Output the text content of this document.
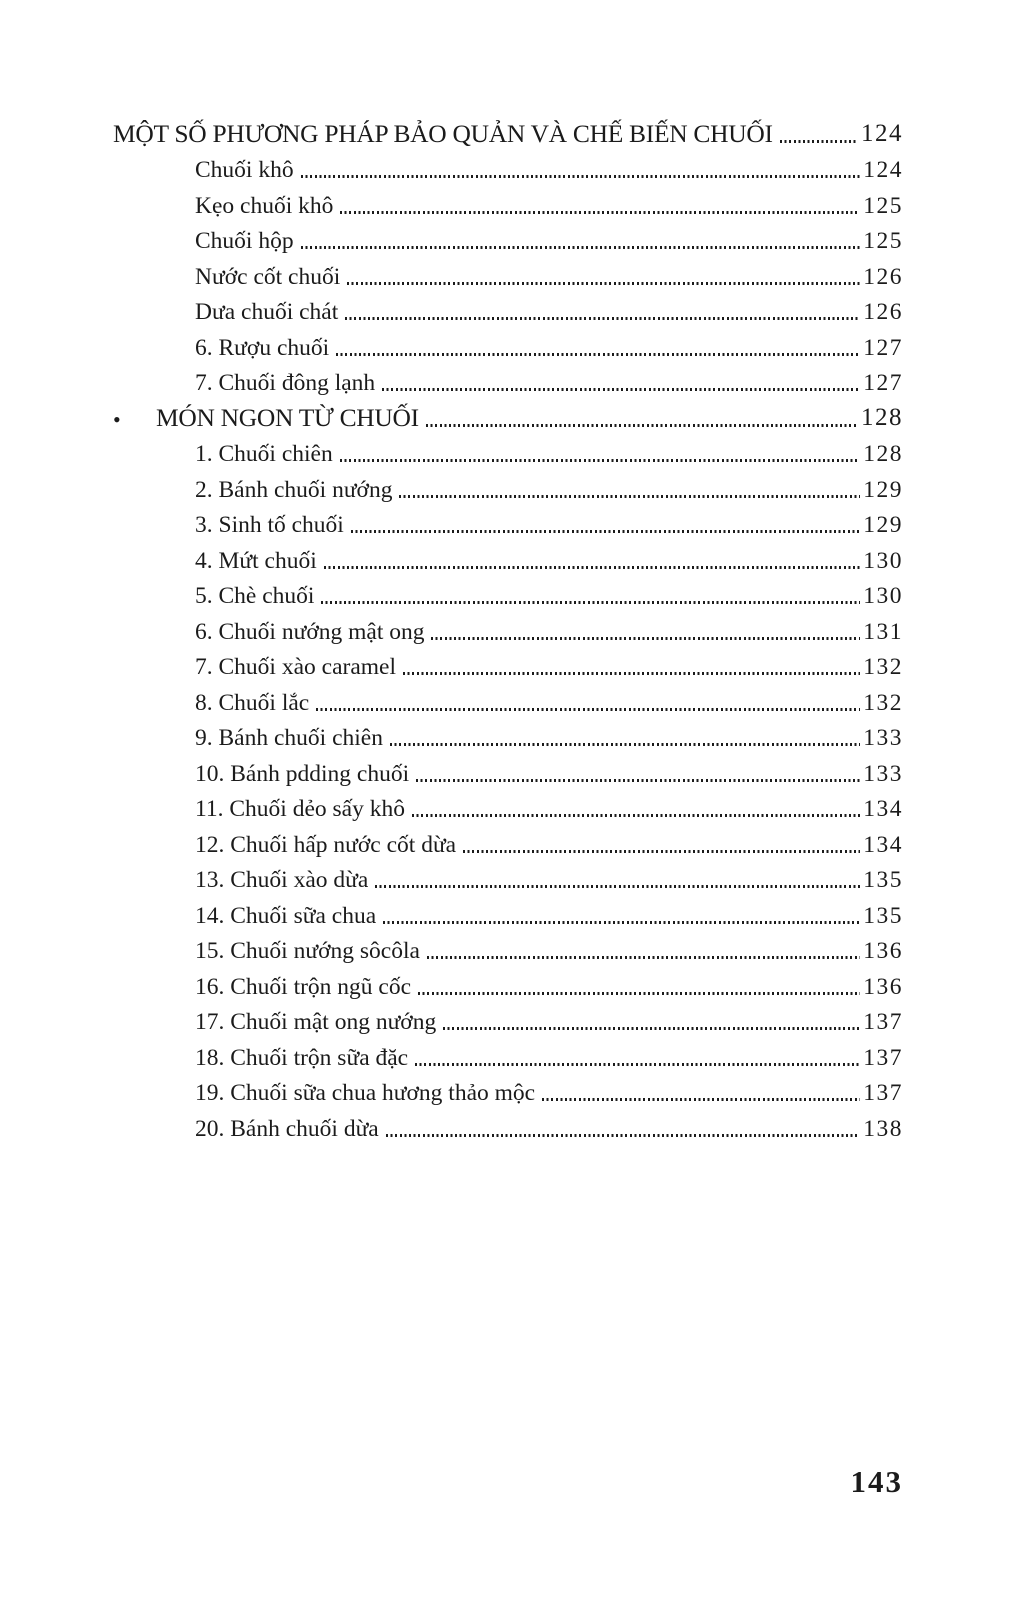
MỘT SỐ PHƯƠNG PHÁP BẢO QUẢN VÀ CHẾ BIẾN CHUỐI	124
Chuối khô	124
Kẹo chuối khô	125
Chuối hộp	125
Nước cốt chuối	126
Dưa chuối chát	126
6. Rượu chuối	127
7. Chuối đông lạnh	127
•	MÓN NGON TỪ CHUỐI	128
1. Chuối chiên	128
2. Bánh chuối nướng	129
3. Sinh tố chuối	129
4. Mứt chuối	130
5. Chè chuối	130
6. Chuối nướng mật ong	131
7. Chuối xào caramel	132
8. Chuối lắc	132
9. Bánh chuối chiên	133
10. Bánh pdding chuối	133
11. Chuối dẻo sấy khô	134
12. Chuối hấp nước cốt dừa	134
13. Chuối xào dừa	135
14. Chuối sữa chua	135
15. Chuối nướng sôcôla	136
16. Chuối trộn ngũ cốc	136
17. Chuối mật ong nướng	137
18. Chuối trộn sữa đặc	137
19. Chuối sữa chua hương thảo mộc	137
20. Bánh chuối dừa	138
143
